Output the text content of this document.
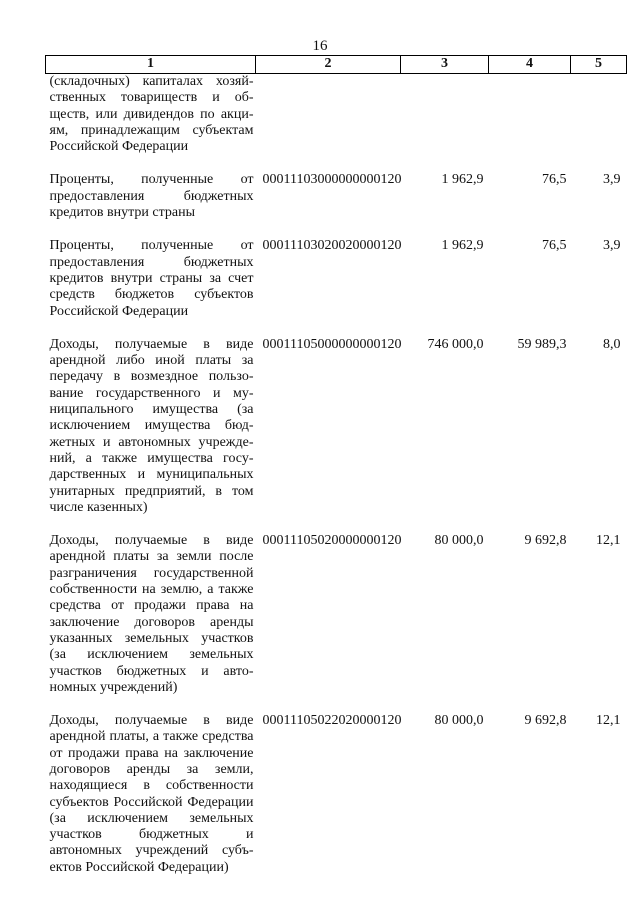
16
1	2	3	4	5
(складочных) капиталах хозяйственных товариществ и обществ, или дивидендов по акциям, принадлежащим субъектам Российской Федерации				
Проценты, полученные от предоставления бюджетных кредитов внутри страны	00011103000000000120	1 962,9	76,5	3,9
Проценты, полученные от предоставления бюджетных кредитов внутри страны за счет средств бюджетов субъектов Российской Федерации	00011103020020000120	1 962,9	76,5	3,9
Доходы, получаемые в виде арендной либо иной платы за передачу в возмездное пользование государственного и муниципального имущества (за исключением имущества бюджетных и автономных учреждений, а также имущества государственных и муниципальных унитарных предприятий, в том числе казенных)	00011105000000000120	746 000,0	59 989,3	8,0
Доходы, получаемые в виде арендной платы за земли после разграничения государственной собственности на землю, а также средства от продажи права на заключение договоров аренды указанных земельных участков (за исключением земельных участков бюджетных и автономных учреждений)	00011105020000000120	80 000,0	9 692,8	12,1
Доходы, получаемые в виде арендной платы, а также средства от продажи права на заключение договоров аренды за земли, находящиеся в собственности субъектов Российской Федерации (за исключением земельных участков бюджетных и автономных учреждений субъектов Российской Федерации)	00011105022020000120	80 000,0	9 692,8	12,1
